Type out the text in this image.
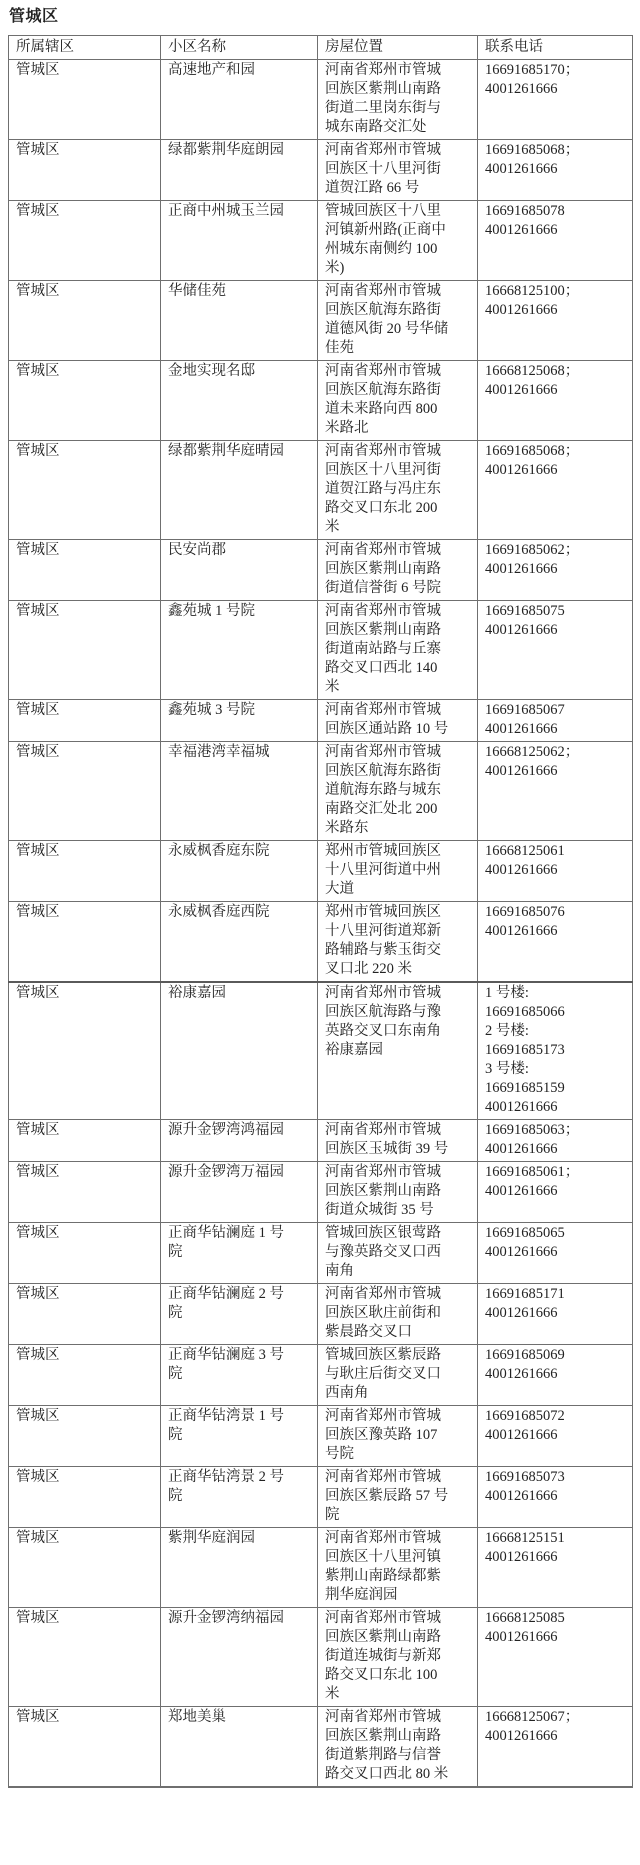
管城区
所属辖区	小区名称	房屋位置	联系电话
管城区	高速地产和园	河南省郑州市管城回族区紫荆山南路街道二里岗东街与城东南路交汇处	16691685170；
4001261666

管城区	绿都紫荆华庭朗园	河南省郑州市管城回族区十八里河街道贺江路 66 号	16691685068；
4001261666

管城区	正商中州城玉兰园	管城回族区十八里河镇新州路(正商中州城东南侧约 100 米)	16691685078
4001261666

管城区	华储佳苑	河南省郑州市管城回族区航海东路街道德风街 20 号华储佳苑	16668125100；
4001261666

管城区	金地实现名邸	河南省郑州市管城回族区航海东路街道未来路向西 800 米路北	16668125068；
4001261666

管城区	绿都紫荆华庭晴园	河南省郑州市管城回族区十八里河街道贺江路与冯庄东路交叉口东北 200 米	16691685068；
4001261666

管城区	民安尚郡	河南省郑州市管城回族区紫荆山南路街道信誉街 6 号院	16691685062；
4001261666

管城区	鑫苑城 1 号院	河南省郑州市管城回族区紫荆山南路街道南站路与丘寨路交叉口西北 140 米	16691685075
4001261666

管城区	鑫苑城 3 号院	河南省郑州市管城回族区通站路 10 号	16691685067
4001261666

管城区	幸福港湾幸福城	河南省郑州市管城回族区航海东路街道航海东路与城东南路交汇处北 200 米路东	16668125062；
4001261666

管城区	永威枫香庭东院	郑州市管城回族区十八里河街道中州大道	16668125061
4001261666

管城区	永威枫香庭西院	郑州市管城回族区十八里河街道郑新路辅路与紫玉街交叉口北 220 米	16691685076
4001261666

管城区	裕康嘉园	河南省郑州市管城回族区航海路与豫英路交叉口东南角裕康嘉园	
1 号楼:
16691685066
2 号楼:
16691685173
3 号楼:
16691685159
4001261666

管城区	源升金锣湾鸿福园	河南省郑州市管城回族区玉城街 39 号	16691685063；
4001261666

管城区	源升金锣湾万福园	河南省郑州市管城回族区紫荆山南路街道众城街 35 号	16691685061；
4001261666

管城区	正商华钻澜庭 1 号院	管城回族区银莺路与豫英路交叉口西南角	16691685065
4001261666

管城区	正商华钻澜庭 2 号院	河南省郑州市管城回族区耿庄前街和紫晨路交叉口	16691685171
4001261666

管城区	正商华钻澜庭 3 号院	管城回族区紫辰路与耿庄后街交叉口西南角	16691685069
4001261666

管城区	正商华钻湾景 1 号院	河南省郑州市管城回族区豫英路 107 号院	16691685072
4001261666

管城区	正商华钻湾景 2 号院	河南省郑州市管城回族区紫辰路 57 号院	16691685073
4001261666

管城区	紫荆华庭润园	河南省郑州市管城回族区十八里河镇紫荆山南路绿都紫荆华庭润园	16668125151
4001261666

管城区	源升金锣湾纳福园	河南省郑州市管城回族区紫荆山南路街道连城街与新郑路交叉口东北 100 米	16668125085
4001261666

管城区	郑地美巢	河南省郑州市管城回族区紫荆山南路街道紫荆路与信誉路交叉口西北 80 米	16668125067；
4001261666
